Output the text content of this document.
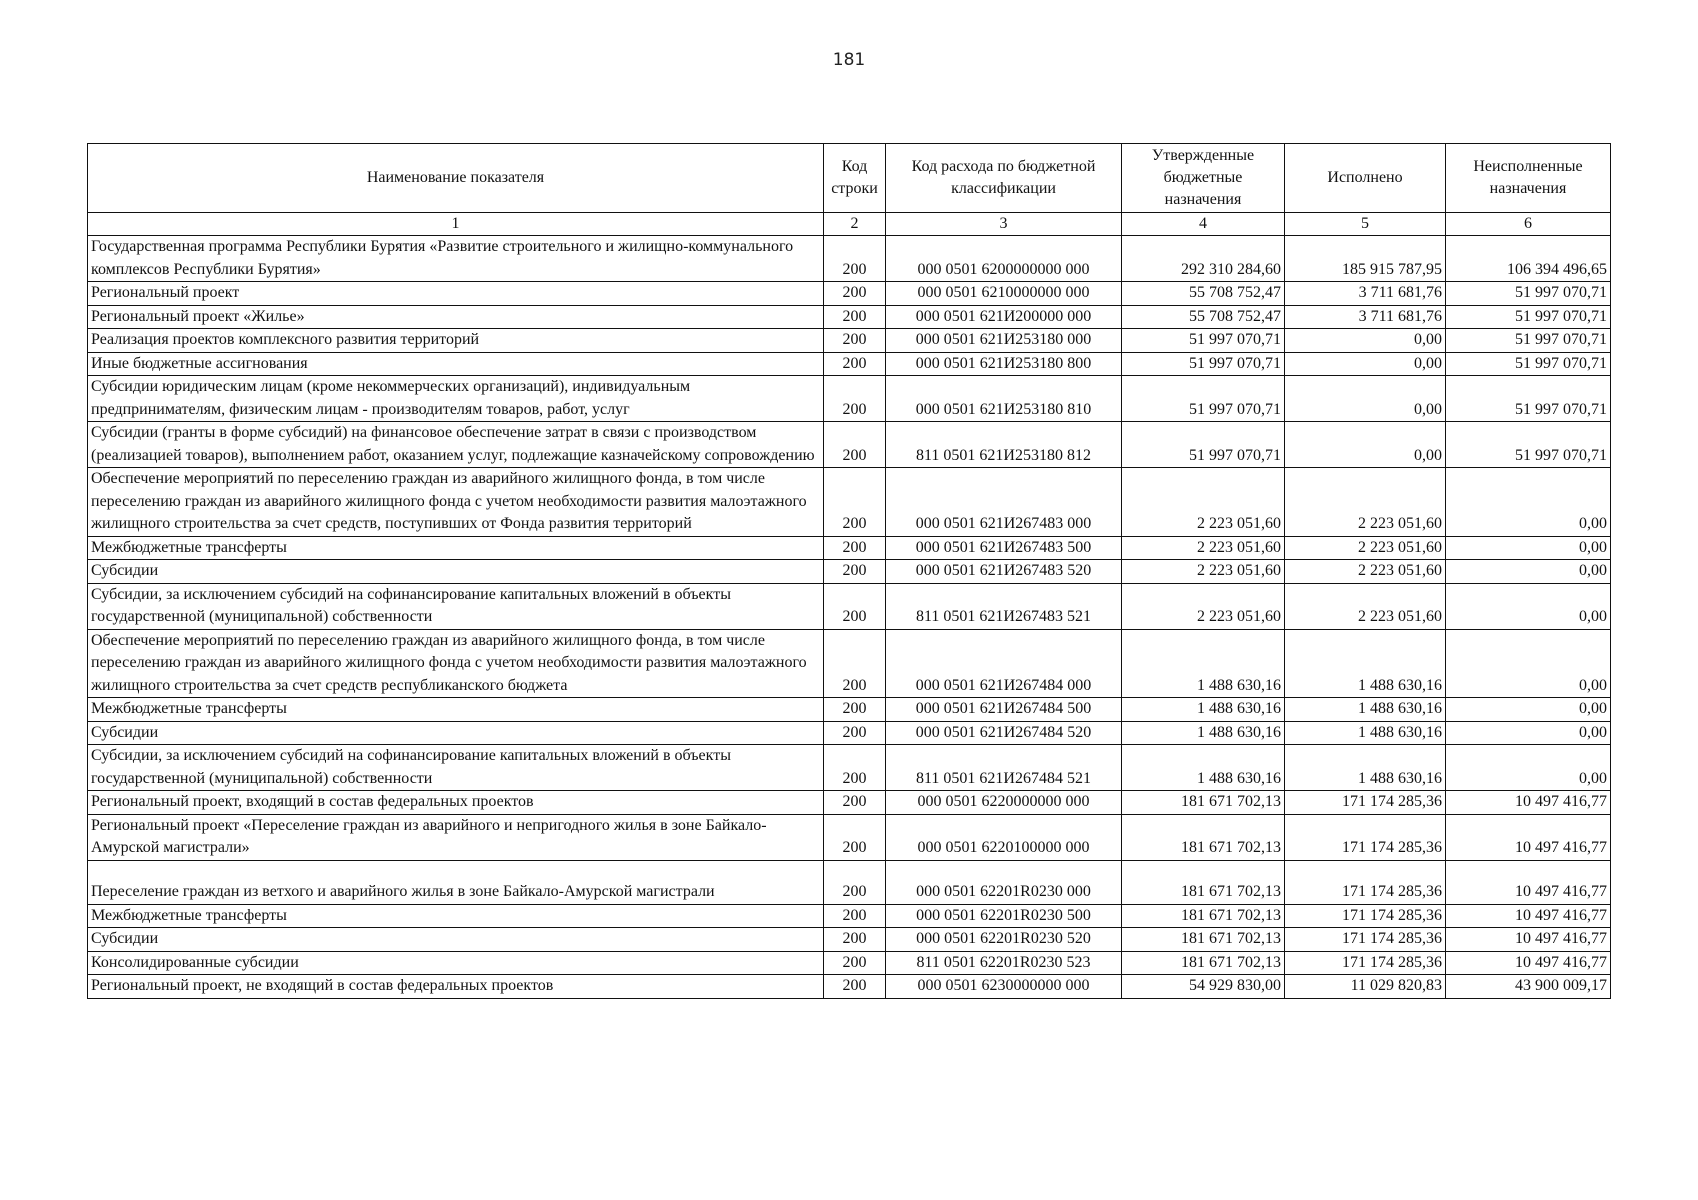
181
Наименование показателя	Код строки	Код расхода по бюджетной классификации	Утвержденные бюджетные назначения	Исполнено	Неисполненные назначения
1	2	3	4	5	6
Государственная программа Республики Бурятия «Развитие строительного и жилищно-коммунального комплексов Республики Бурятия»	200	000 0501 6200000000 000	292 310 284,60	185 915 787,95	106 394 496,65
Региональный проект	200	000 0501 6210000000 000	55 708 752,47	3 711 681,76	51 997 070,71
Региональный проект «Жилье»	200	000 0501 621И200000 000	55 708 752,47	3 711 681,76	51 997 070,71
Реализация проектов комплексного развития территорий	200	000 0501 621И253180 000	51 997 070,71	0,00	51 997 070,71
Иные бюджетные ассигнования	200	000 0501 621И253180 800	51 997 070,71	0,00	51 997 070,71
Субсидии юридическим лицам (кроме некоммерческих организаций), индивидуальным предпринимателям, физическим лицам - производителям товаров, работ, услуг	200	000 0501 621И253180 810	51 997 070,71	0,00	51 997 070,71
Субсидии (гранты в форме субсидий) на финансовое обеспечение затрат в связи с производством (реализацией товаров), выполнением работ, оказанием услуг, подлежащие казначейскому сопровождению	200	811 0501 621И253180 812	51 997 070,71	0,00	51 997 070,71
Обеспечение мероприятий по переселению граждан из аварийного жилищного фонда, в том числе переселению граждан из аварийного жилищного фонда с учетом необходимости развития малоэтажного жилищного строительства за счет средств, поступивших от Фонда развития территорий	200	000 0501 621И267483 000	2 223 051,60	2 223 051,60	0,00
Межбюджетные трансферты	200	000 0501 621И267483 500	2 223 051,60	2 223 051,60	0,00
Субсидии	200	000 0501 621И267483 520	2 223 051,60	2 223 051,60	0,00
Субсидии, за исключением субсидий на софинансирование капитальных вложений в объекты государственной (муниципальной) собственности	200	811 0501 621И267483 521	2 223 051,60	2 223 051,60	0,00
Обеспечение мероприятий по переселению граждан из аварийного жилищного фонда, в том числе переселению граждан из аварийного жилищного фонда с учетом необходимости развития малоэтажного жилищного строительства за счет средств республиканского бюджета	200	000 0501 621И267484 000	1 488 630,16	1 488 630,16	0,00
Межбюджетные трансферты	200	000 0501 621И267484 500	1 488 630,16	1 488 630,16	0,00
Субсидии	200	000 0501 621И267484 520	1 488 630,16	1 488 630,16	0,00
Субсидии, за исключением субсидий на софинансирование капитальных вложений в объекты государственной (муниципальной) собственности	200	811 0501 621И267484 521	1 488 630,16	1 488 630,16	0,00
Региональный проект, входящий в состав федеральных проектов	200	000 0501 6220000000 000	181 671 702,13	171 174 285,36	10 497 416,77
Региональный проект «Переселение граждан из аварийного и непригодного жилья в зоне Байкало-Амурской магистрали»	200	000 0501 6220100000 000	181 671 702,13	171 174 285,36	10 497 416,77
Переселение граждан из ветхого и аварийного жилья в зоне Байкало-Амурской магистрали	200	000 0501 62201R0230 000	181 671 702,13	171 174 285,36	10 497 416,77
Межбюджетные трансферты	200	000 0501 62201R0230 500	181 671 702,13	171 174 285,36	10 497 416,77
Субсидии	200	000 0501 62201R0230 520	181 671 702,13	171 174 285,36	10 497 416,77
Консолидированные субсидии	200	811 0501 62201R0230 523	181 671 702,13	171 174 285,36	10 497 416,77
Региональный проект, не входящий в состав федеральных проектов	200	000 0501 6230000000 000	54 929 830,00	11 029 820,83	43 900 009,17
